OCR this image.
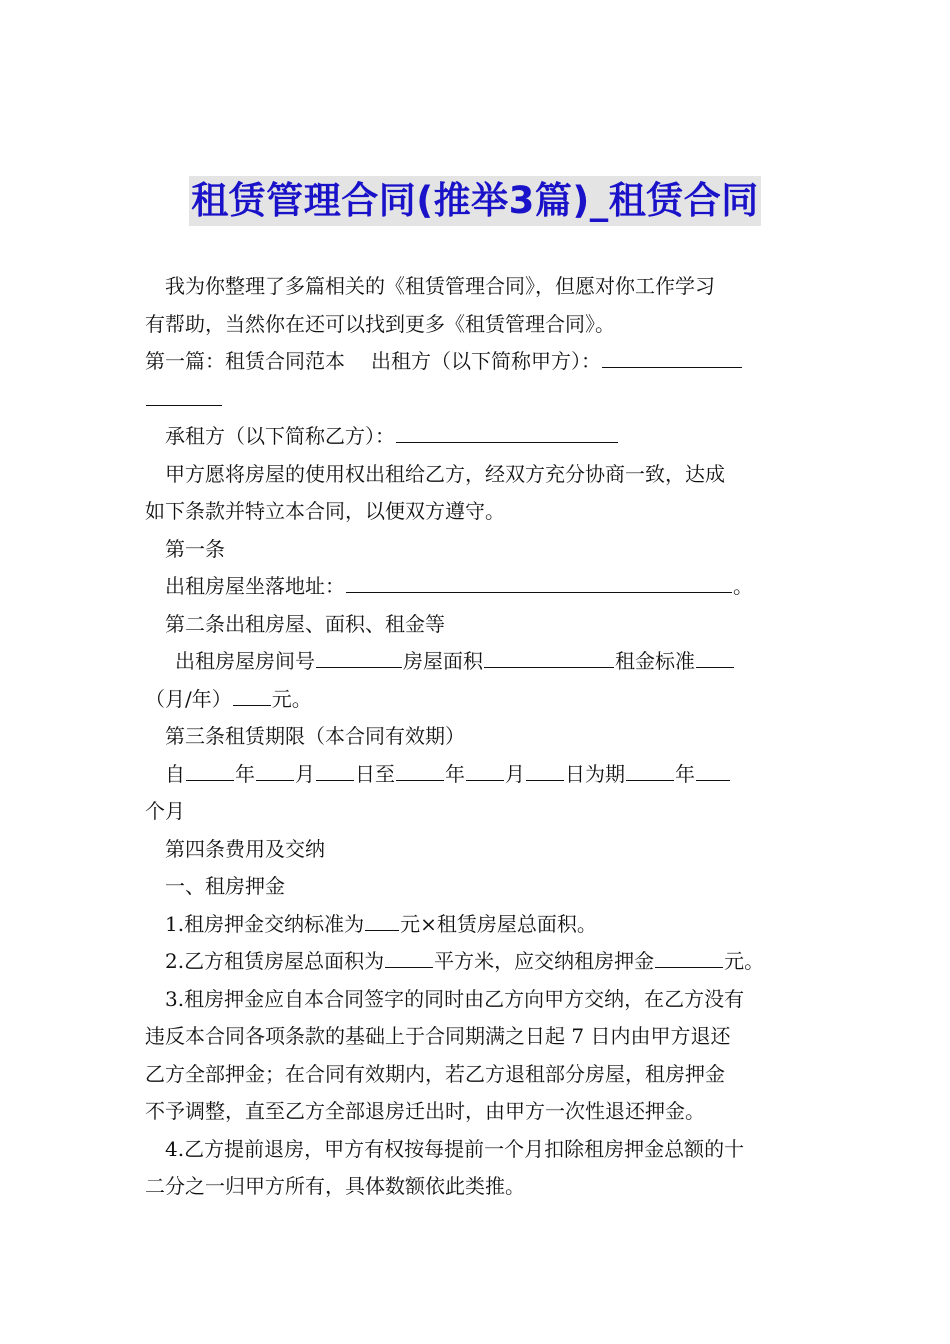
租赁管理合同(推举3篇)_租赁合同

我为你整理了多篇相关的《租赁管理合同》，但愿对你工作学习

有帮助，当然你在还可以找到更多《租赁管理合同》。

第一篇：租赁合同范本 出租方（以下简称甲方）：

承租方（以下简称乙方）：

甲方愿将房屋的使用权出租给乙方，经双方充分协商一致，达成

如下条款并特立本合同，以便双方遵守。

第一条

出租房屋坐落地址：	。

第二条出租房屋、面积、租金等

出租房屋房间号	房屋面积	租金标准

（月/年） 元。

第三条租赁期限（本合同有效期）

自	年 月 日至	年 月 日为期	年

个月

第四条费用及交纳

一、租房押金

1.租房押金交纳标准为 元×租赁房屋总面积。

2.乙方租赁房屋总面积为	平方米，应交纳租房押金	元。

3.租房押金应自本合同签字的同时由乙方向甲方交纳，在乙方没有

违反本合同各项条款的基础上于合同期满之日起 7 日内由甲方退还

乙方全部押金；在合同有效期内，若乙方退租部分房屋，租房押金

不予调整，直至乙方全部退房迁出时，由甲方一次性退还押金。

4.乙方提前退房，甲方有权按每提前一个月扣除租房押金总额的十

二分之一归甲方所有，具体数额依此类推。
